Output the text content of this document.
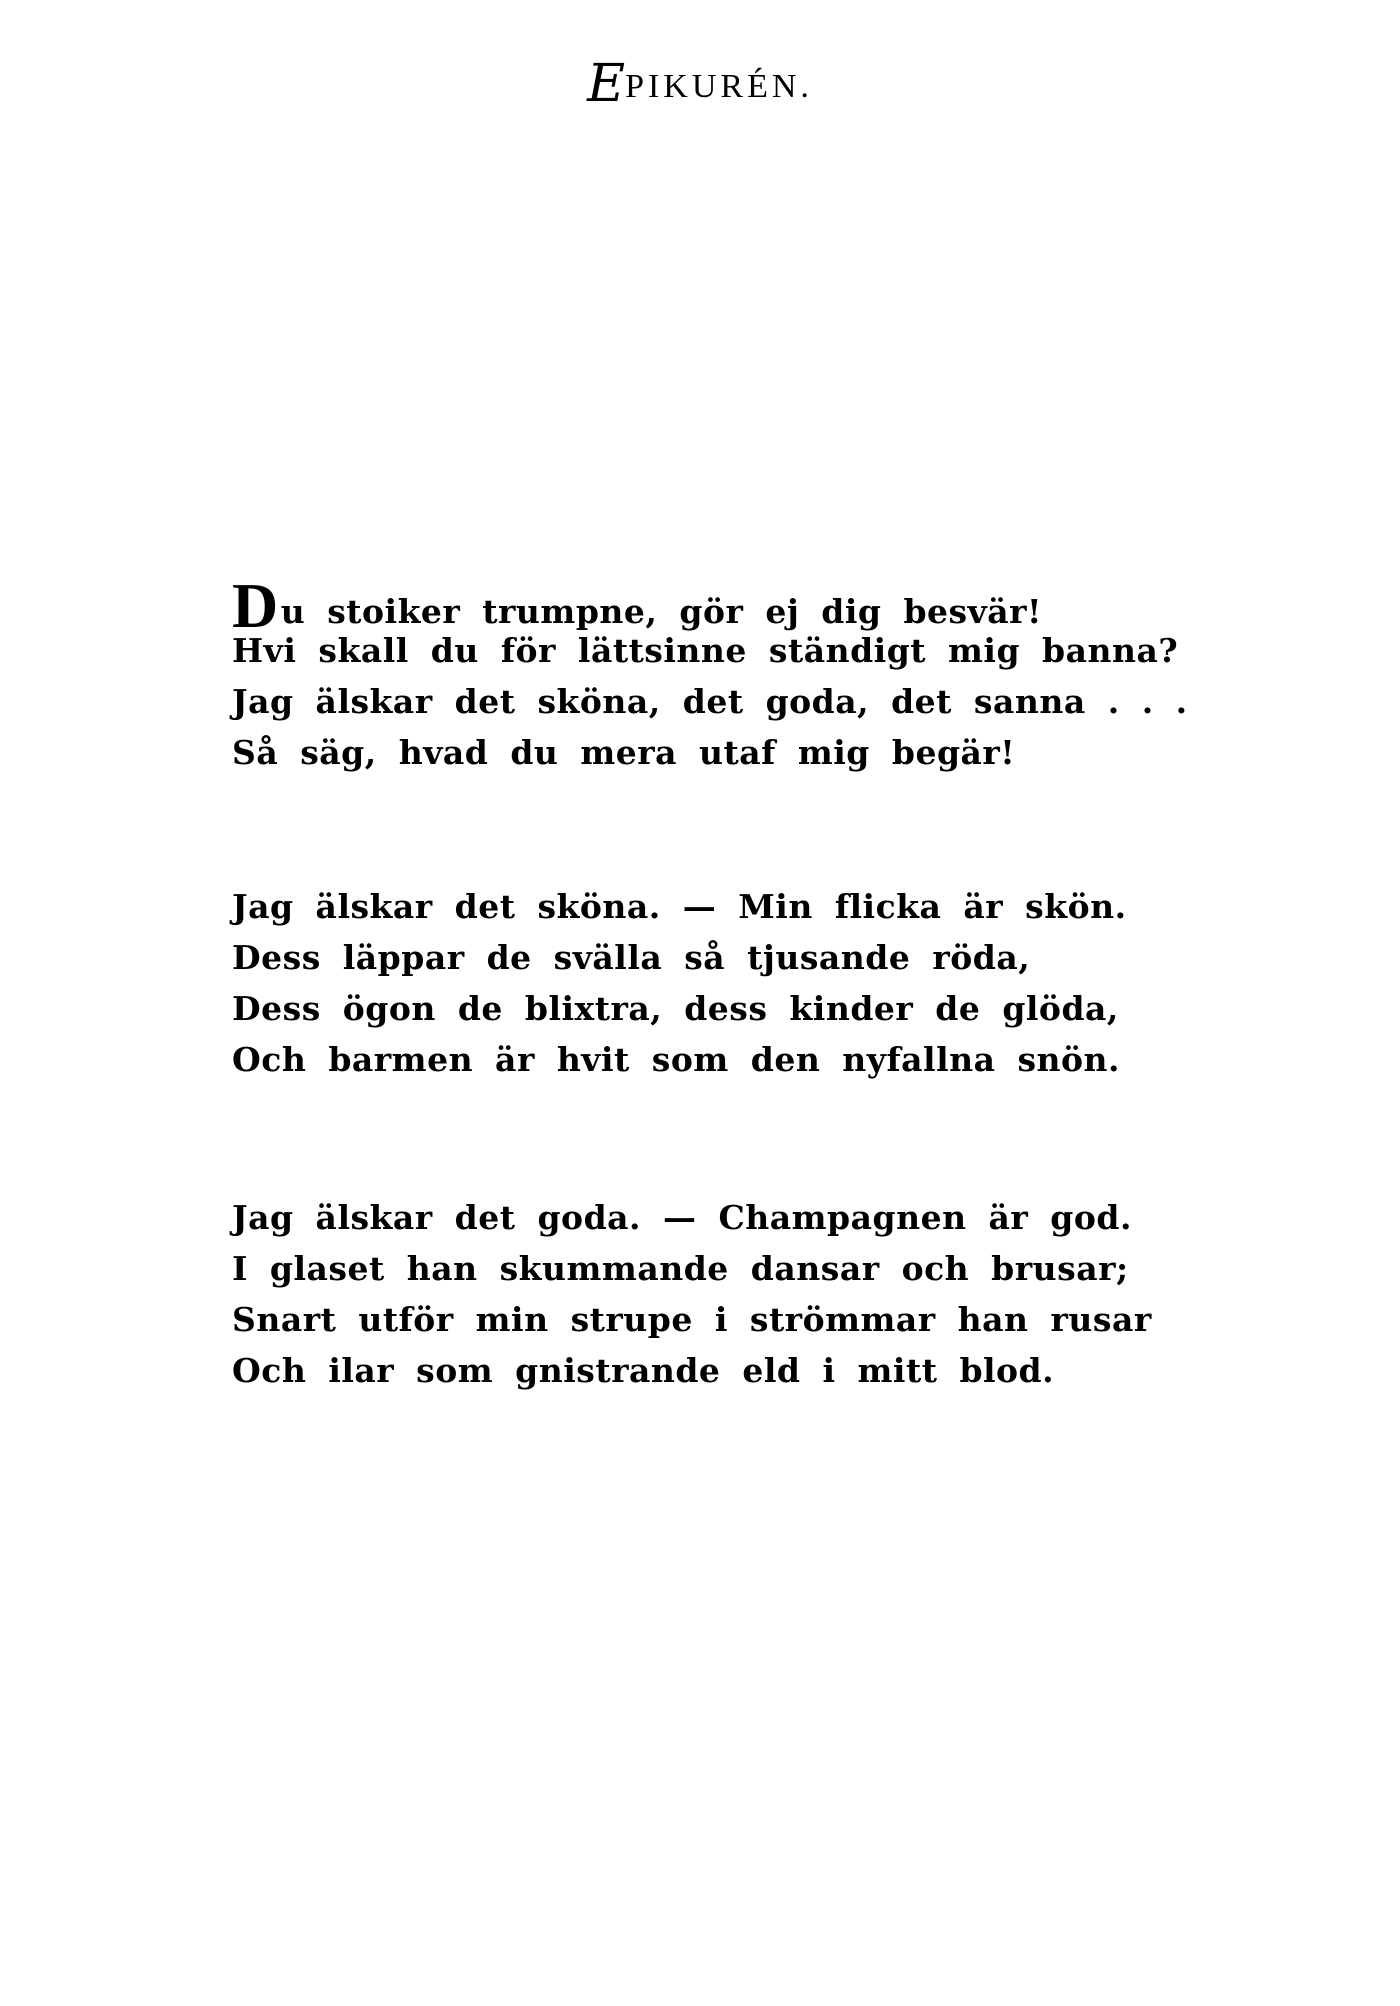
EPIKURÉN.
Du stoiker trumpne, gör ej dig besvär!
Hvi skall du för lättsinne ständigt mig banna?
Jag älskar det sköna, det goda, det sanna . . .
Så säg, hvad du mera utaf mig begär!
Jag älskar det sköna. — Min flicka är skön.
Dess läppar de svälla så tjusande röda,
Dess ögon de blixtra, dess kinder de glöda,
Och barmen är hvit som den nyfallna snön.
Jag älskar det goda. — Champagnen är god.
I glaset han skummande dansar och brusar;
Snart utför min strupe i strömmar han rusar
Och ilar som gnistrande eld i mitt blod.
